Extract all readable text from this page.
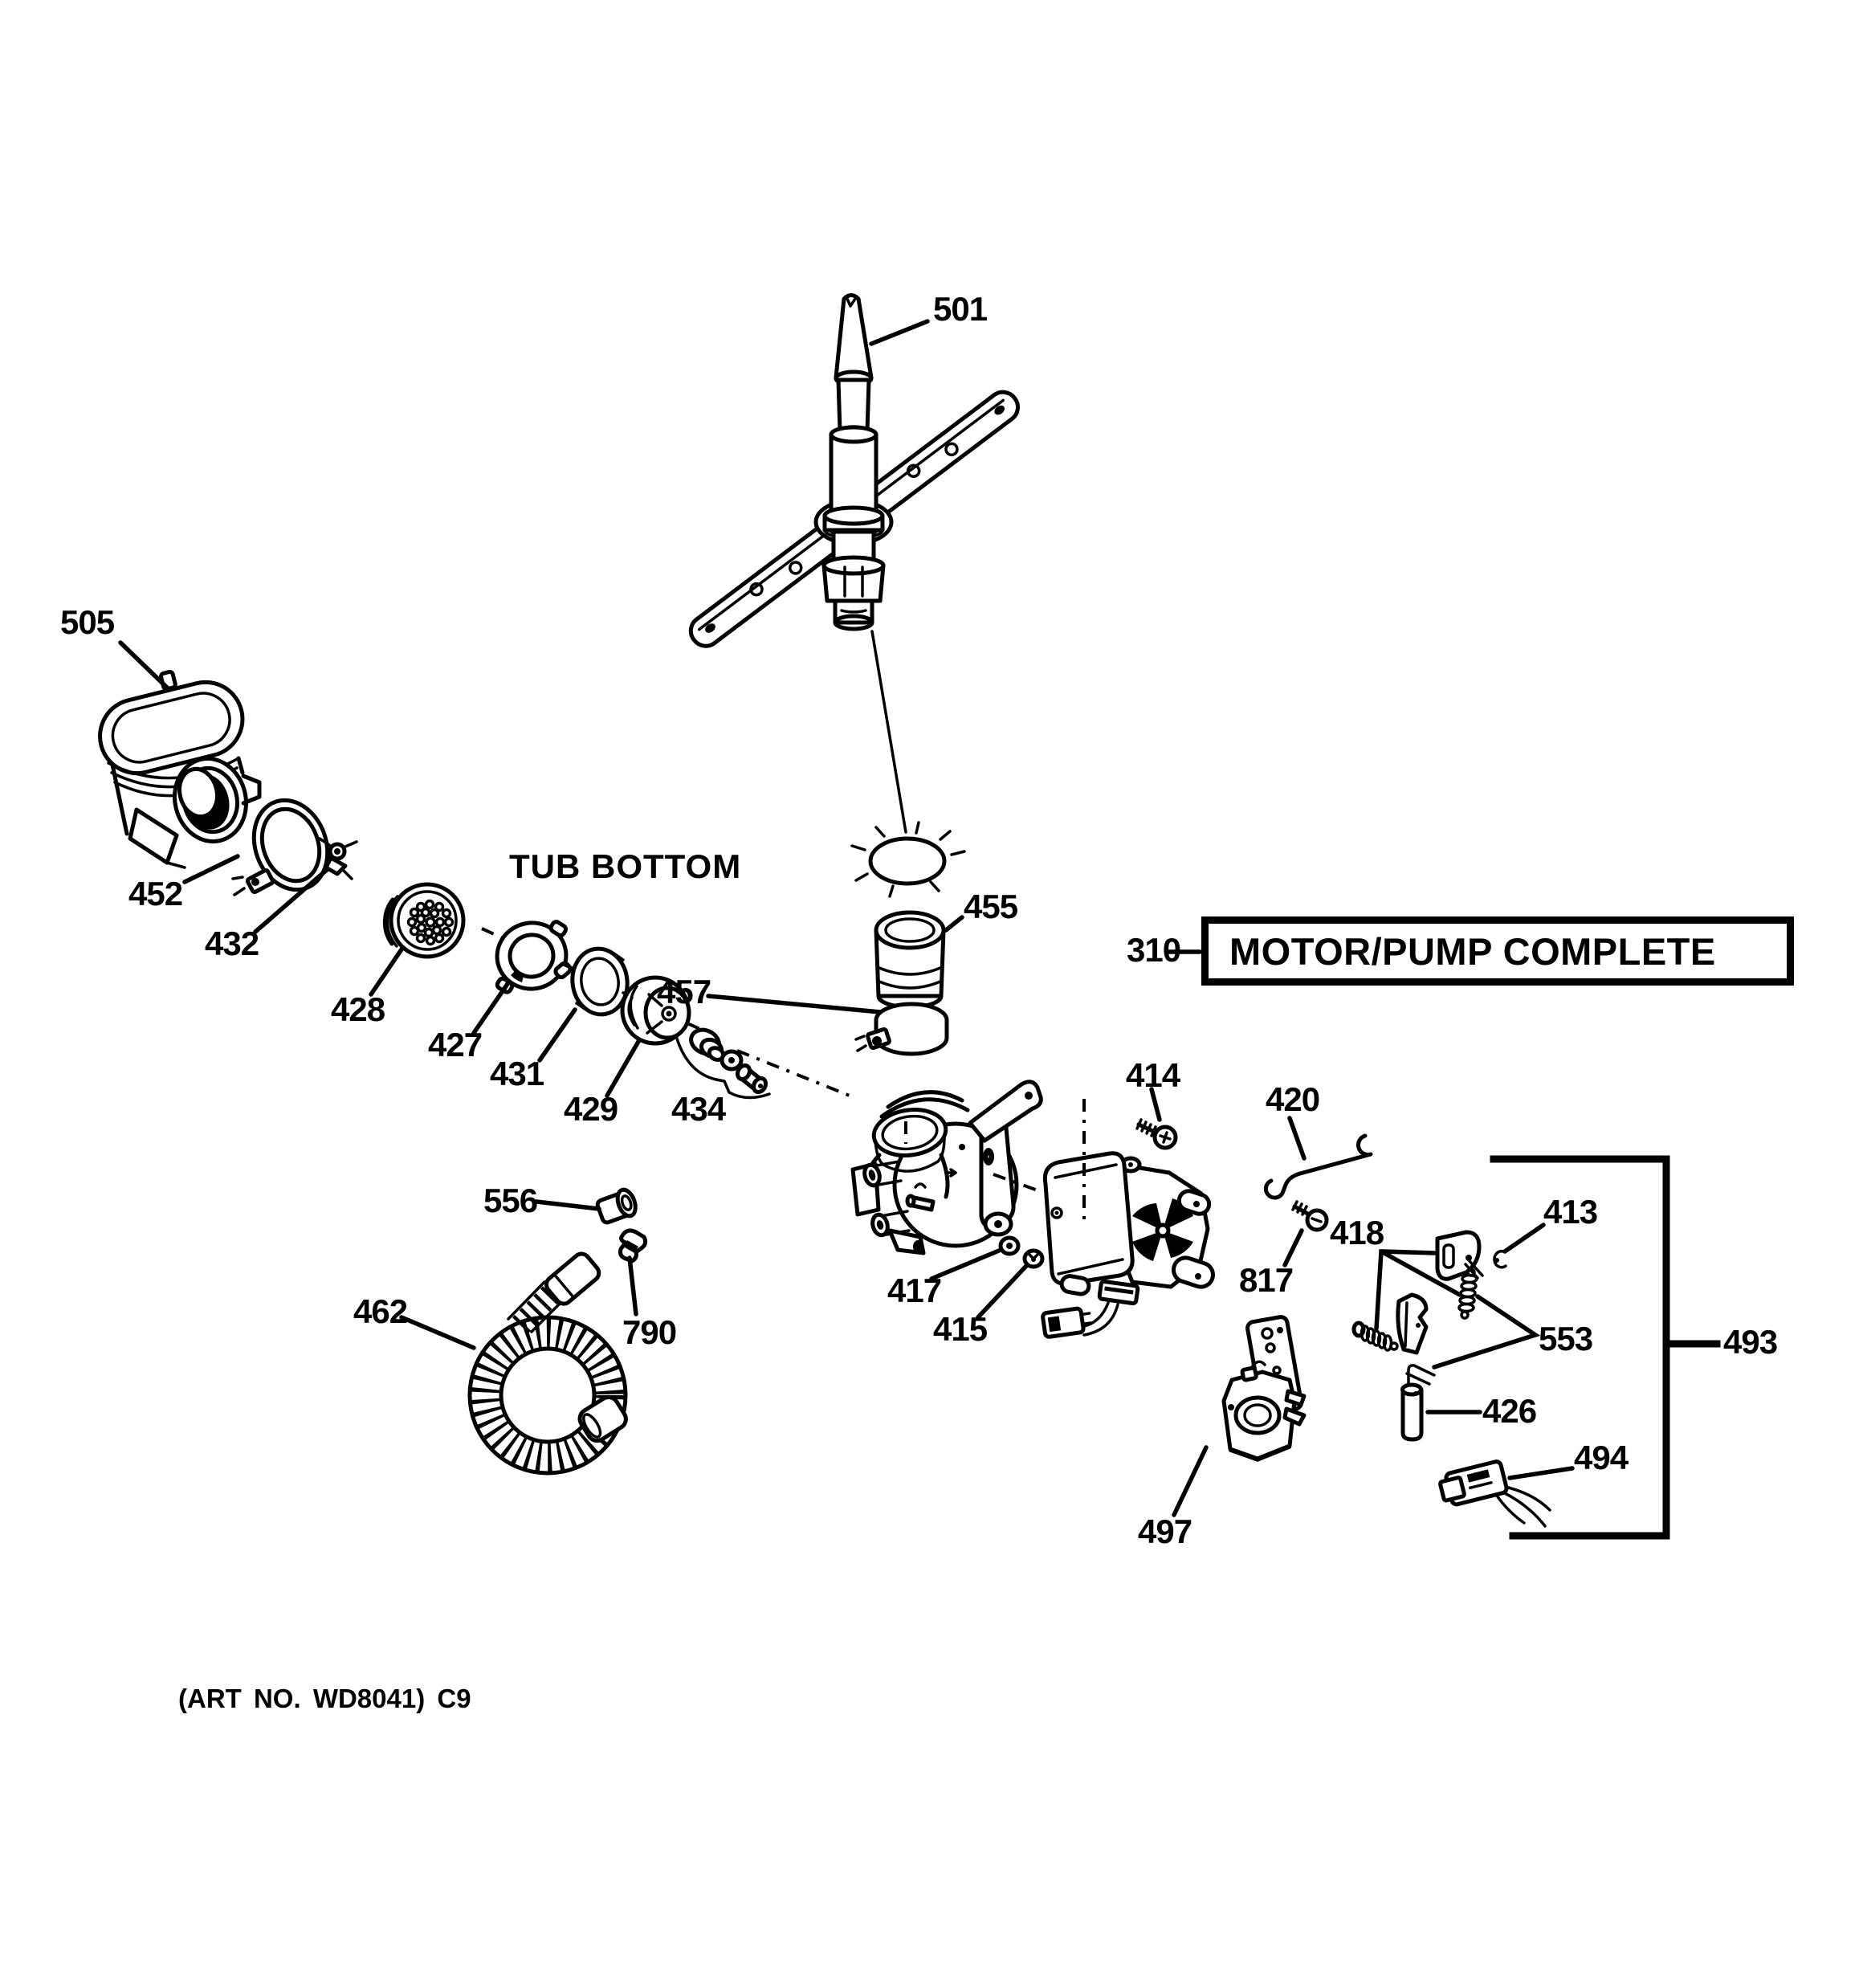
501
505
452
432
428
427
431
429 434
457
455
310
414
420
817
418
413
553	493
426
494
497
556
417
415
790
462
TUB BOTTOM
MOTOR/PUMP COMPLETE
(ART NO. WD8041) C9
